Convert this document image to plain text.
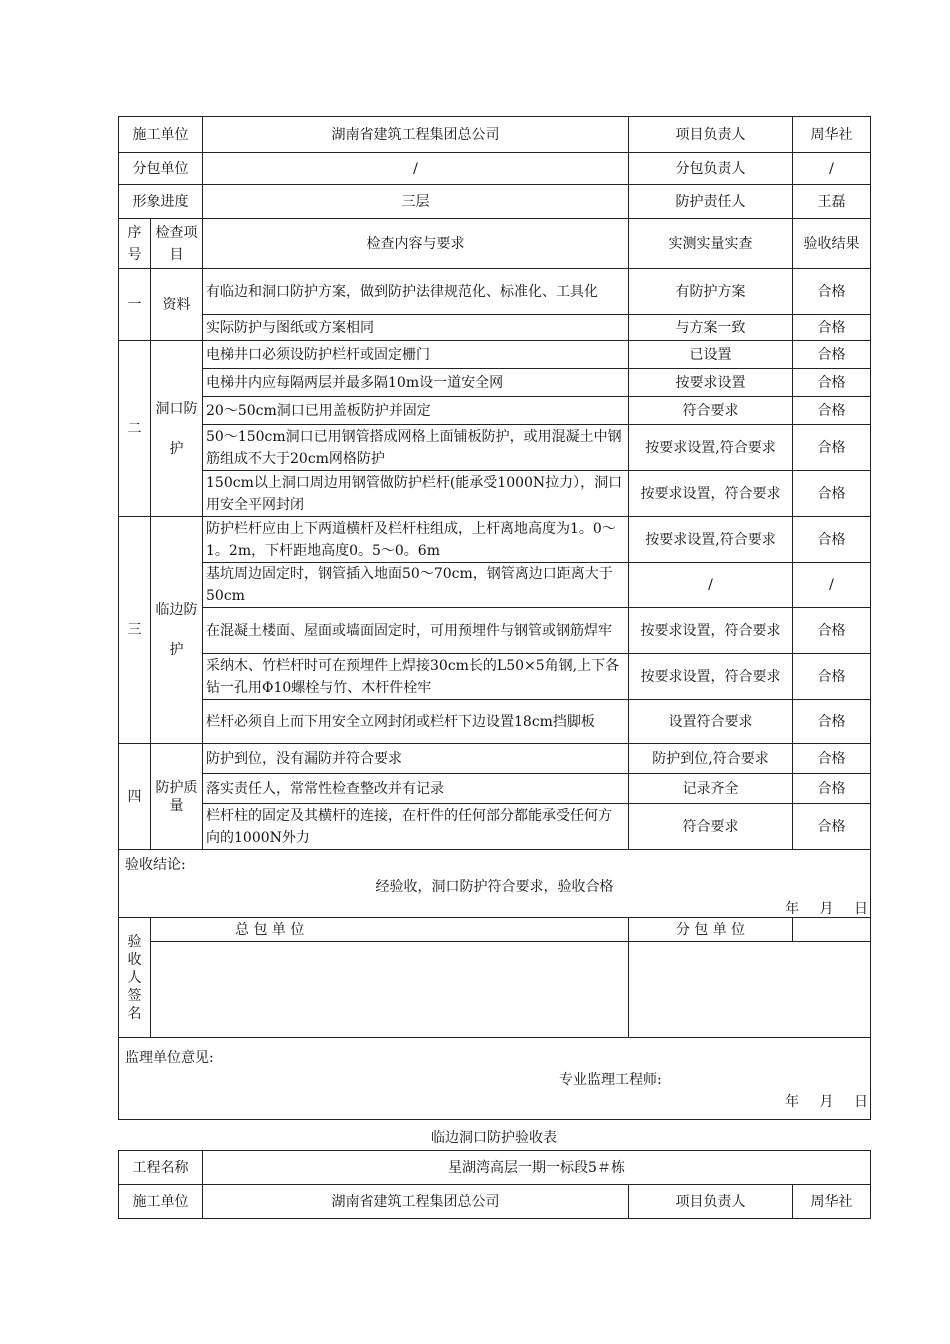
施工单位		湖南省建筑工程集团总公司	项目负责人	周华社	
分包单位		/	分包负责人	/	
形象进度		三层	防护责任人	王磊	
序号	检查项目	检查内容与要求	实测实量实查	验收结果	
一	资料	有临边和洞口防护方案，做到防护法律规范化、标准化、工具化	有防护方案	合格	
		实际防护与图纸或方案相同	与方案一致	合格	
二	洞口防护	电梯井口必须设防护栏杆或固定栅门	已设置	合格	
		电梯井内应每隔两层并最多隔10m设一道安全网	按要求设置	合格	
		20～50cm洞口已用盖板防护并固定	符合要求	合格	
		50～150cm洞口已用钢管搭成网格上面铺板防护，或用混凝土中钢筋组成不大于20cm网格防护	按要求设置,符合要求	合格	
		150cm以上洞口周边用钢管做防护栏杆(能承受1000N拉力），洞口用安全平网封闭	按要求设置，符合要求	合格	
三	临边防护	防护栏杆应由上下两道横杆及栏杆柱组成，上杆离地高度为1。0～1。2m，下杆距地高度0。5～0。6m	按要求设置,符合要求	合格	
		基坑周边固定时，钢管插入地面50～70cm，钢管离边口距离大于50cm	/	/	
		在混凝土楼面、屋面或墙面固定时，可用预埋件与钢管或钢筋焊牢	按要求设置，符合要求	合格	
		采纳木、竹栏杆时可在预埋件上焊接30cm长的L50×5角钢,上下各钻一孔用Φ10螺栓与竹、木杆件栓牢	按要求设置，符合要求	合格	
		栏杆必须自上而下用安全立网封闭或栏杆下边设置18cm挡脚板	设置符合要求	合格	
四	防护质量	防护到位，没有漏防并符合要求	防护到位,符合要求	合格	
		落实责任人，常常性检查整改并有记录	记录齐全	合格	
		栏杆柱的固定及其横杆的连接，在杆件的任何部分都能承受任何方向的1000N外力	符合要求	合格	

验收结论:
经验收，洞口防护符合要求，验收合格
年 月 日					

验收人签名	总 包 单 位		分 包 单 位		

监理单位意见:
专业监理工程师:
年 月 日					
临边洞口防护验收表
工程名称	星湖湾高层一期一标段5＃栋		
施工单位	湖南省建筑工程集团总公司	项目负责人	周华社
